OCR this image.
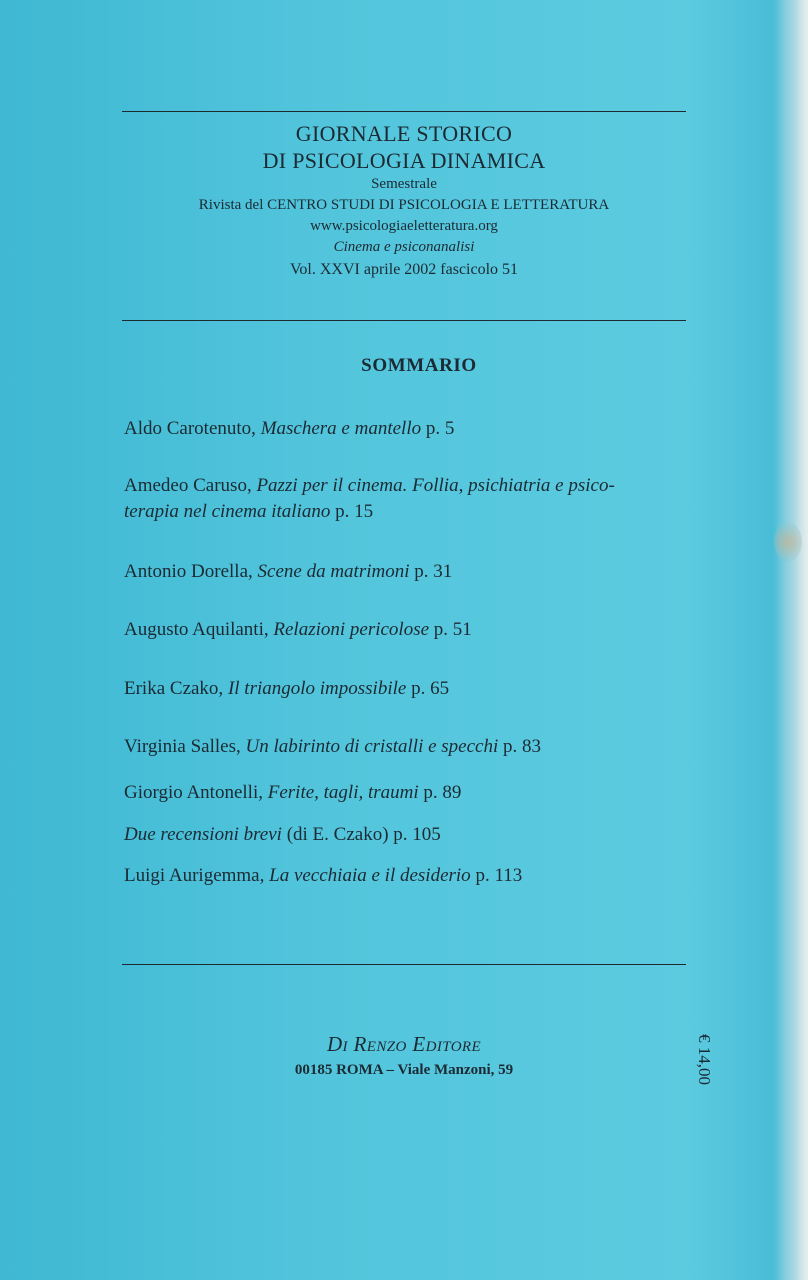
GIORNALE STORICO

DI PSICOLOGIA DINAMICA

Semestrale

Rivista del CENTRO STUDI DI PSICOLOGIA E LETTERATURA

www.psicologiaeletteratura.org

Cinema e psiconanalisi

Vol. XXVI aprile 2002 fascicolo 51

SOMMARIO

Aldo Carotenuto, Maschera e mantello p. 5

Amedeo Caruso, Pazzi per il cinema. Follia, psichiatria e psico-
terapia nel cinema italiano p. 15

Antonio Dorella, Scene da matrimoni p. 31

Augusto Aquilanti, Relazioni pericolose p. 51

Erika Czako, Il triangolo impossibile p. 65

Virginia Salles, Un labirinto di cristalli e specchi p. 83

Giorgio Antonelli, Ferite, tagli, traumi p. 89

Due recensioni brevi (di E. Czako) p. 105

Luigi Aurigemma, La vecchiaia e il desiderio p. 113

Di Renzo Editore

00185 ROMA – Viale Manzoni, 59	€ 14,00
